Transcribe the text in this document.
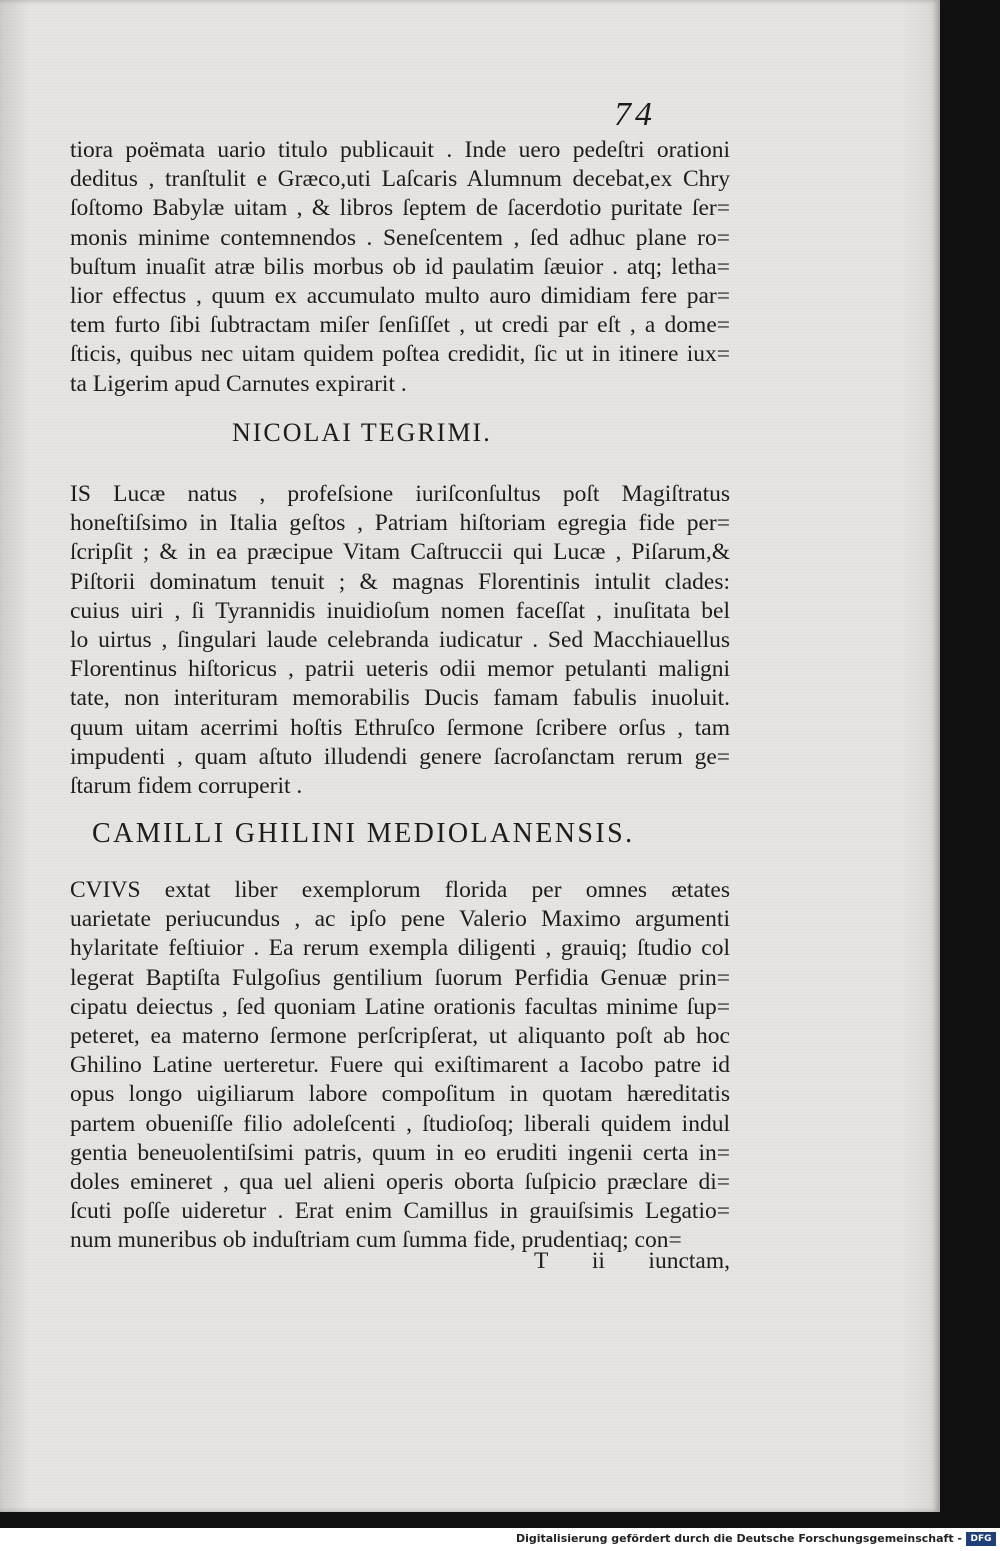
74
tiora poëmata uario titulo publicauit . Inde uero pedeſtri orationi
deditus , tranſtulit e Græco,uti Laſcaris Alumnum decebat,ex Chry
ſoſtomo Babylæ uitam , & libros ſeptem de ſacerdotio puritate ſer=
monis minime contemnendos . Seneſcentem , ſed adhuc plane ro=
buſtum inuaſit atræ bilis morbus ob id paulatim ſæuior . atq; letha=
lior effectus , quum ex accumulato multo auro dimidiam fere par=
tem furto ſibi ſubtractam miſer ſenſiſſet , ut credi par eſt , a dome=
ſticis, quibus nec uitam quidem poſtea credidit, ſic ut in itinere iux=
ta Ligerim apud Carnutes expirarit .
NICOLAI TEGRIMI.
IS Lucæ natus , profeſsione iuriſconſultus poſt Magiſtratus
honeſtiſsimo in Italia geſtos , Patriam hiſtoriam egregia fide per=
ſcripſit ; & in ea præcipue Vitam Caſtruccii qui Lucæ , Piſarum,&
Piſtorii dominatum tenuit ; & magnas Florentinis intulit clades:
cuius uiri , ſi Tyrannidis inuidioſum nomen faceſſat , inuſitata bel
lo uirtus , ſingulari laude celebranda iudicatur . Sed Macchiauellus
Florentinus hiſtoricus , patrii ueteris odii memor petulanti maligni
tate, non interituram memorabilis Ducis famam fabulis inuoluit.
quum uitam acerrimi hoſtis Ethruſco ſermone ſcribere orſus , tam
impudenti , quam aſtuto illudendi genere ſacroſanctam rerum ge=
ſtarum fidem corruperit .
CAMILLI GHILINI MEDIOLANENSIS.
CVIVS extat liber exemplorum florida per omnes ætates
uarietate periucundus , ac ipſo pene Valerio Maximo argumenti
hylaritate feſtiuior . Ea rerum exempla diligenti , grauiq; ſtudio col
legerat Baptiſta Fulgoſius gentilium ſuorum Perfidia Genuæ prin=
cipatu deiectus , ſed quoniam Latine orationis facultas minime ſup=
peteret, ea materno ſermone perſcripſerat, ut aliquanto poſt ab hoc
Ghilino Latine uerteretur. Fuere qui exiſtimarent a Iacobo patre id
opus longo uigiliarum labore compoſitum in quotam hæreditatis
partem obueniſſe filio adoleſcenti , ſtudioſoq; liberali quidem indul
gentia beneuolentiſsimi patris, quum in eo eruditi ingenii certa in=
doles emineret , qua uel alieni operis oborta ſuſpicio præclare di=
ſcuti poſſe uideretur . Erat enim Camillus in grauiſsimis Legatio=
num muneribus ob induſtriam cum ſumma fide, prudentiaq; con=
T ii iunctam,
Digitalisierung gefördert durch die Deutsche Forschungsgemeinschaft - DFG
